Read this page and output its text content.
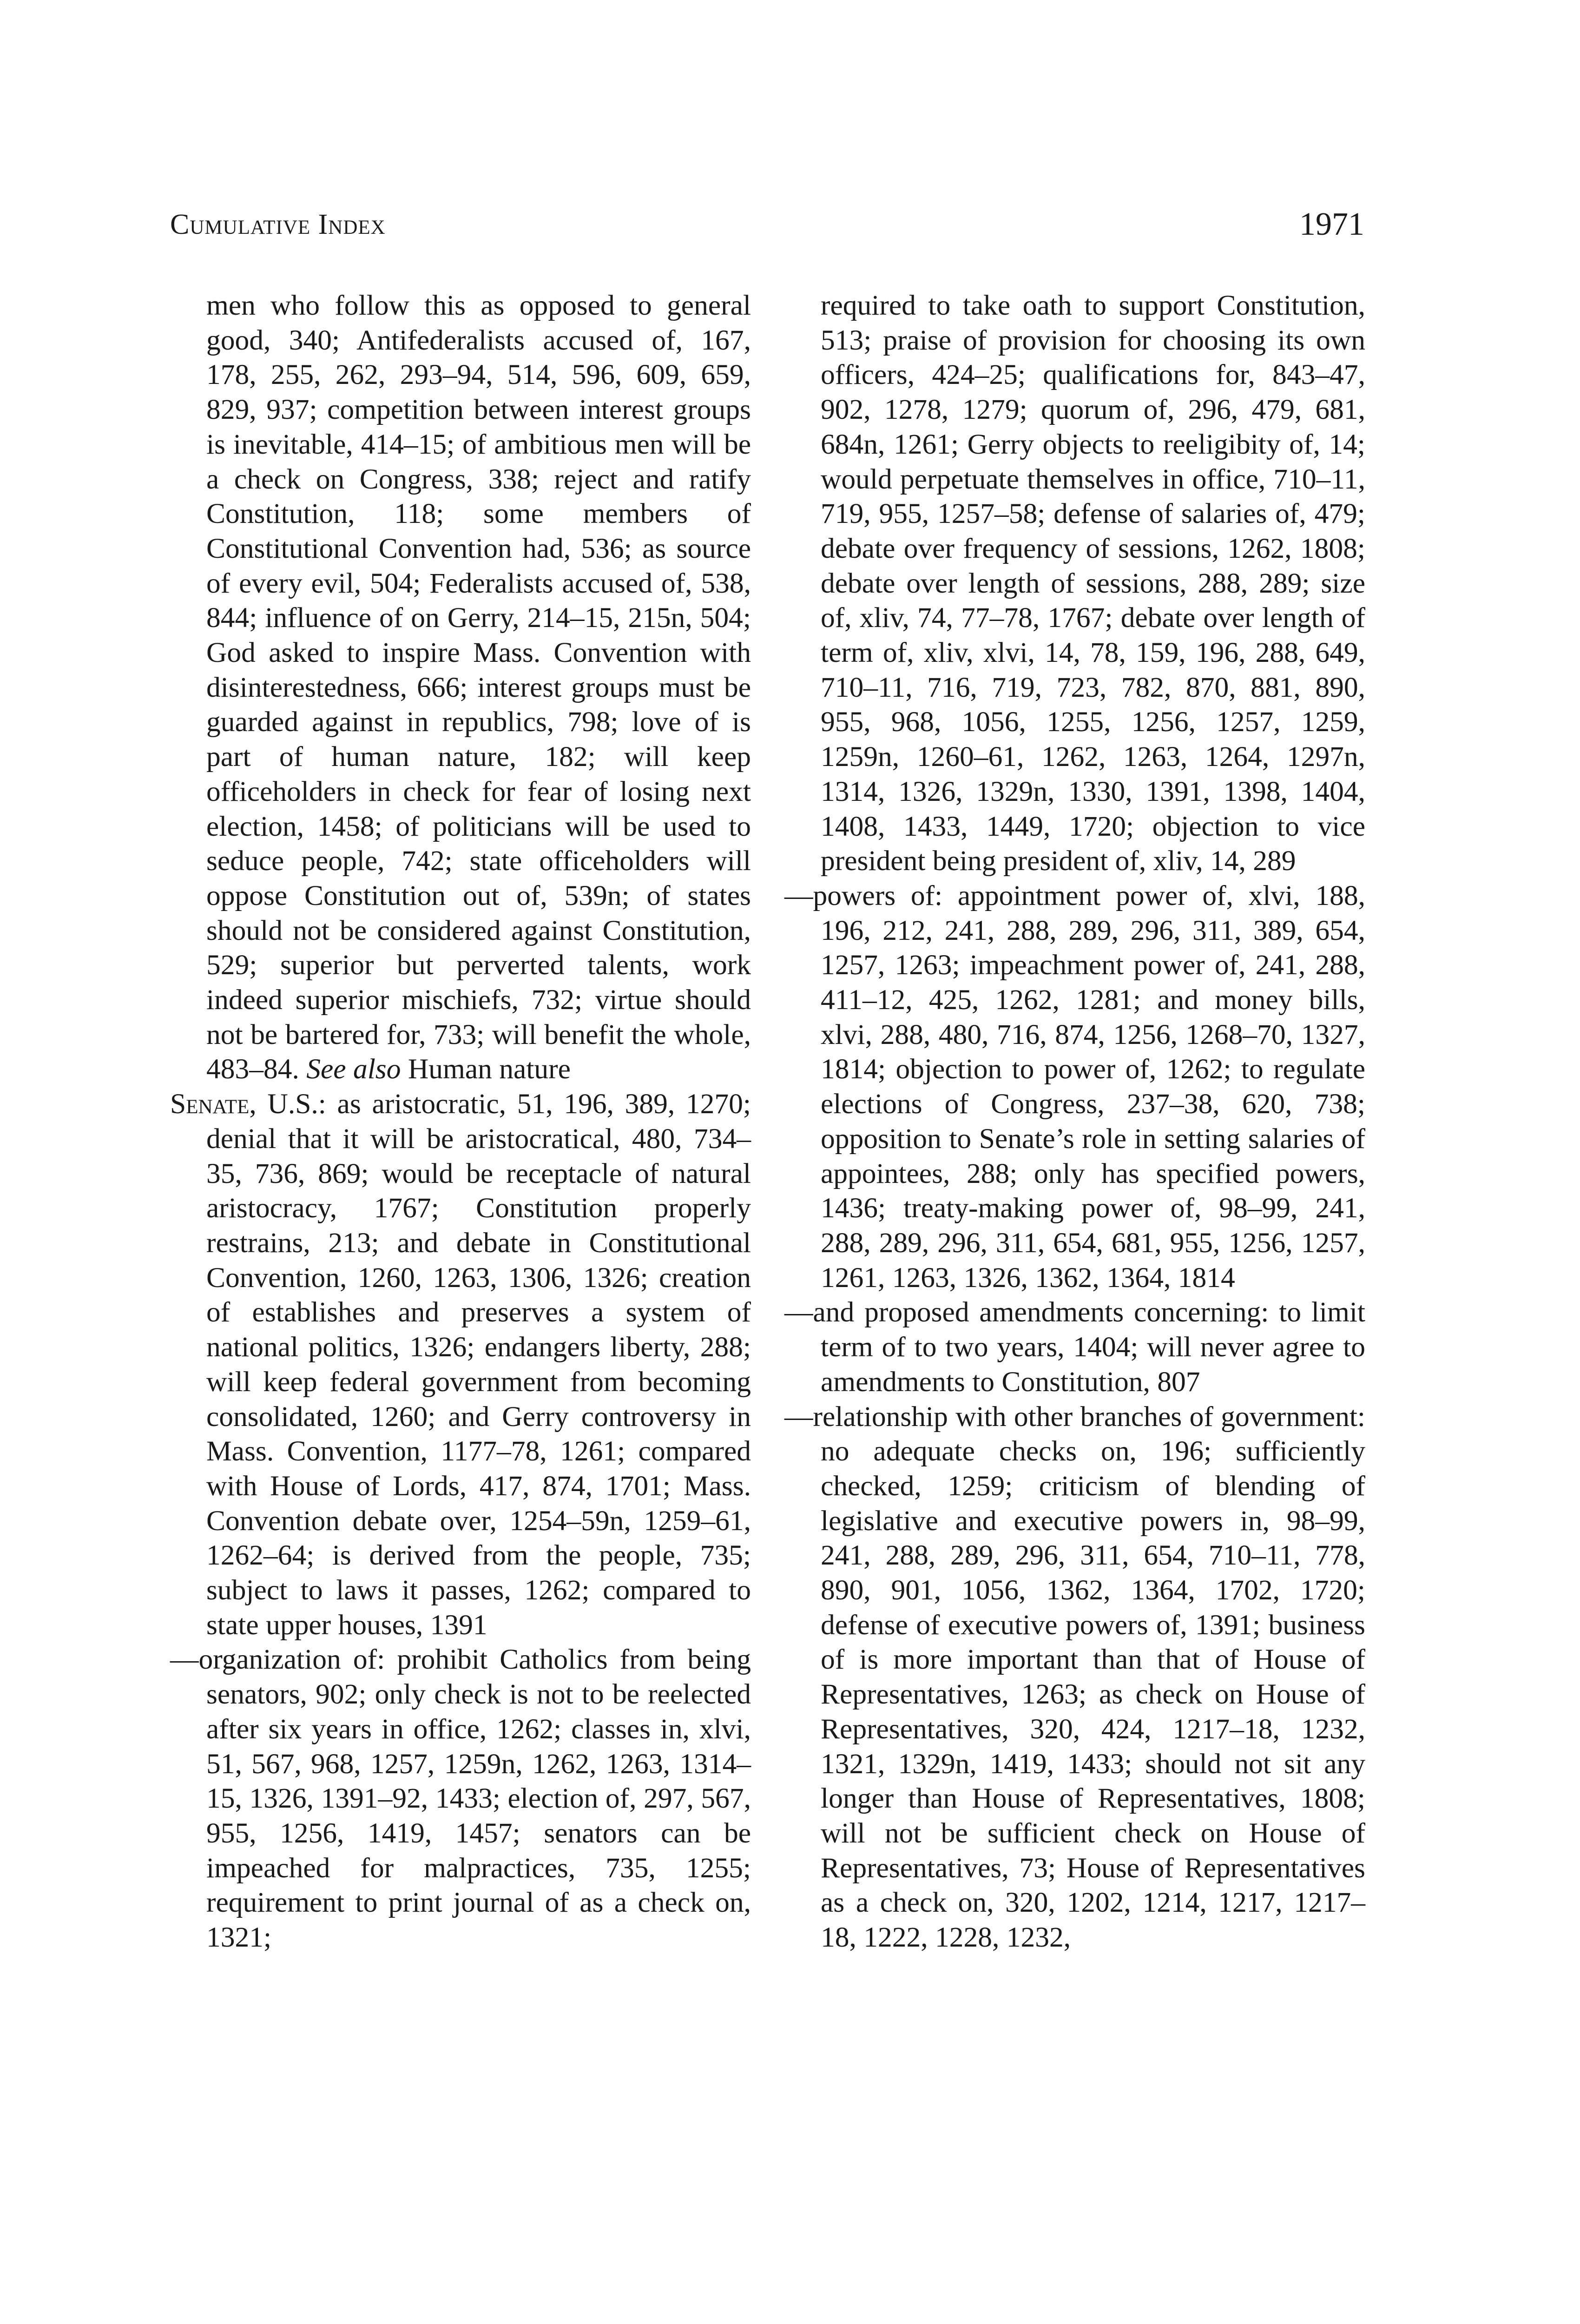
Cumulative Index	1971

men who follow this as opposed to general good, 340; Antifederalists accused of, 167, 178, 255, 262, 293–94, 514, 596, 609, 659, 829, 937; competition between interest groups is inevitable, 414–15; of ambitious men will be a check on Congress, 338; reject and ratify Constitution, 118; some members of Constitutional Convention had, 536; as source of every evil, 504; Federalists accused of, 538, 844; influence of on Gerry, 214–15, 215n, 504; God asked to inspire Mass. Convention with disinterestedness, 666; interest groups must be guarded against in republics, 798; love of is part of human nature, 182; will keep officeholders in check for fear of losing next election, 1458; of politicians will be used to seduce people, 742; state officeholders will oppose Constitution out of, 539n; of states should not be considered against Constitution, 529; superior but perverted talents, work indeed superior mischiefs, 732; virtue should not be bartered for, 733; will benefit the whole, 483–84. See also Human nature

Senate, U.S.: as aristocratic, 51, 196, 389, 1270; denial that it will be aristocratical, 480, 734–35, 736, 869; would be receptacle of natural aristocracy, 1767; Constitution properly restrains, 213; and debate in Constitutional Convention, 1260, 1263, 1306, 1326; creation of establishes and preserves a system of national politics, 1326; endangers liberty, 288; will keep federal government from becoming consolidated, 1260; and Gerry controversy in Mass. Convention, 1177–78, 1261; compared with House of Lords, 417, 874, 1701; Mass. Convention debate over, 1254–59n, 1259–61, 1262–64; is derived from the people, 735; subject to laws it passes, 1262; compared to state upper houses, 1391

—organization of: prohibit Catholics from being senators, 902; only check is not to be reelected after six years in office, 1262; classes in, xlvi, 51, 567, 968, 1257, 1259n, 1262, 1263, 1314–15, 1326, 1391–92, 1433; election of, 297, 567, 955, 1256, 1419, 1457; senators can be impeached for malpractices, 735, 1255; requirement to print journal of as a check on, 1321;

required to take oath to support Constitution, 513; praise of provision for choosing its own officers, 424–25; qualifications for, 843–47, 902, 1278, 1279; quorum of, 296, 479, 681, 684n, 1261; Gerry objects to reeligibity of, 14; would perpetuate themselves in office, 710–11, 719, 955, 1257–58; defense of salaries of, 479; debate over frequency of sessions, 1262, 1808; debate over length of sessions, 288, 289; size of, xliv, 74, 77–78, 1767; debate over length of term of, xliv, xlvi, 14, 78, 159, 196, 288, 649, 710–11, 716, 719, 723, 782, 870, 881, 890, 955, 968, 1056, 1255, 1256, 1257, 1259, 1259n, 1260–61, 1262, 1263, 1264, 1297n, 1314, 1326, 1329n, 1330, 1391, 1398, 1404, 1408, 1433, 1449, 1720; objection to vice president being president of, xliv, 14, 289

—powers of: appointment power of, xlvi, 188, 196, 212, 241, 288, 289, 296, 311, 389, 654, 1257, 1263; impeachment power of, 241, 288, 411–12, 425, 1262, 1281; and money bills, xlvi, 288, 480, 716, 874, 1256, 1268–70, 1327, 1814; objection to power of, 1262; to regulate elections of Congress, 237–38, 620, 738; opposition to Senate’s role in setting salaries of appointees, 288; only has specified powers, 1436; treaty-making power of, 98–99, 241, 288, 289, 296, 311, 654, 681, 955, 1256, 1257, 1261, 1263, 1326, 1362, 1364, 1814

—and proposed amendments concerning: to limit term of to two years, 1404; will never agree to amendments to Constitution, 807

—relationship with other branches of government: no adequate checks on, 196; sufficiently checked, 1259; criticism of blending of legislative and executive powers in, 98–99, 241, 288, 289, 296, 311, 654, 710–11, 778, 890, 901, 1056, 1362, 1364, 1702, 1720; defense of executive powers of, 1391; business of is more important than that of House of Representatives, 1263; as check on House of Representatives, 320, 424, 1217–18, 1232, 1321, 1329n, 1419, 1433; should not sit any longer than House of Representatives, 1808; will not be sufficient check on House of Representatives, 73; House of Representatives as a check on, 320, 1202, 1214, 1217, 1217–18, 1222, 1228, 1232,
